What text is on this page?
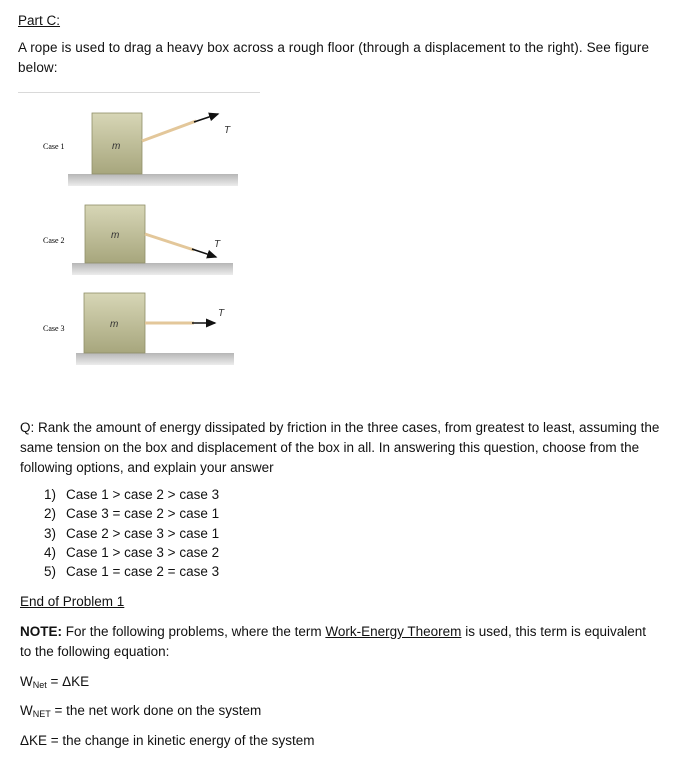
Part C:
A rope is used to drag a heavy box across a rough floor (through a displacement to the right). See figure below:
Case 1	m
T
Case 2	m
T
Case 3	m
T
Q: Rank the amount of energy dissipated by friction in the three cases, from greatest to least, assuming the same tension on the box and displacement of the box in all. In answering this question, choose from the following options, and explain your answer
1) Case 1 > case 2 > case 3
2) Case 3 = case 2 > case 1
3) Case 2 > case 3 > case 1
4) Case 1 > case 3 > case 2
5) Case 1 = case 2 = case 3
End of Problem 1
NOTE: For the following problems, where the term Work-Energy Theorem is used, this term is equivalent to the following equation:
$W_{Net} = \Delta KE$
$W_{NET}$ = the net work done on the system
ΔKE = the change in kinetic energy of the system
